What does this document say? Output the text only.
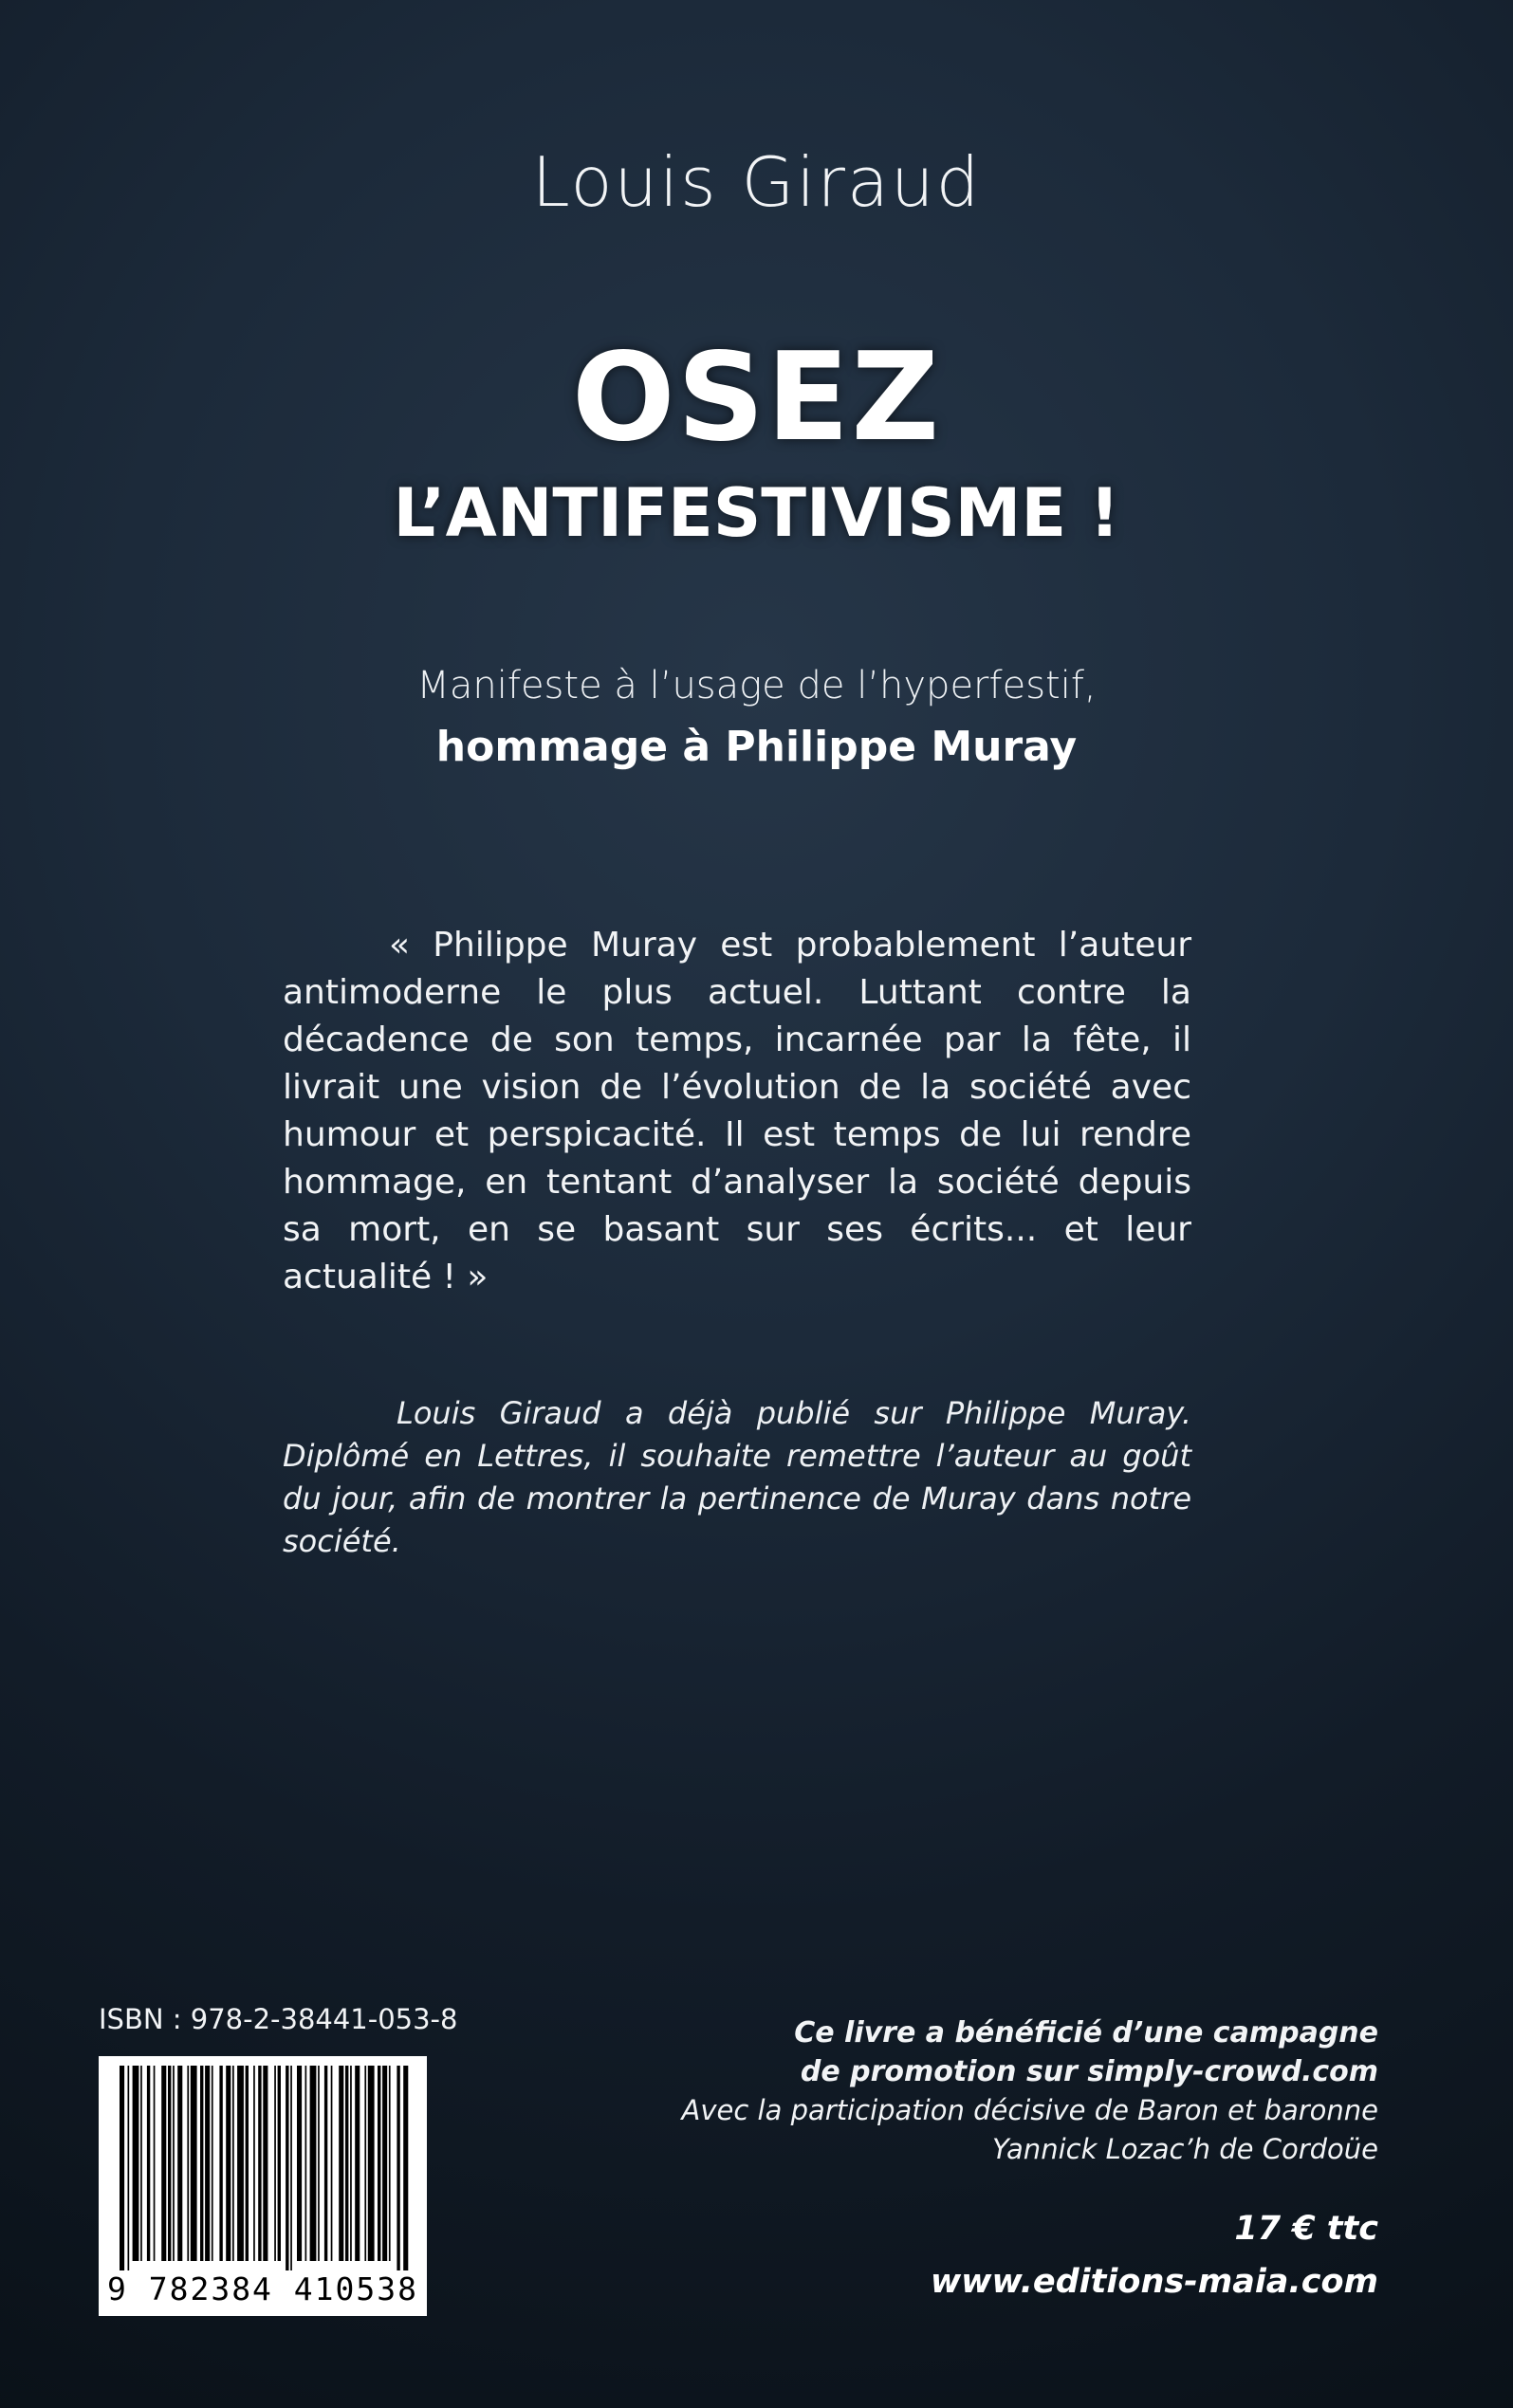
Louis Giraud
OSEZ
L’ANTIFESTIVISME !
Manifeste à l’usage de l’hyperfestif,
hommage à Philippe Muray
« Philippe Muray est probablement l’auteur antimoderne le plus actuel. Luttant contre la décadence de son temps, incarnée par la fête, il livrait une vision de l’évolution de la société avec humour et perspicacité. Il est temps de lui rendre hommage, en tentant d’analyser la société depuis sa mort, en se basant sur ses écrits... et leur actualité ! »
Louis Giraud a déjà publié sur Philippe Muray. Diplômé en Lettres, il souhaite remettre l’auteur au goût du jour, afin de montrer la pertinence de Muray dans notre société.
ISBN : 978-2-38441-053-8
9 782384 410538
Ce livre a bénéficié d’une campagne
de promotion sur simply-crowd.com
Avec la participation décisive de Baron et baronne
Yannick Lozac’h de Cordoüe
17 € ttc
www.editions-maia.com
